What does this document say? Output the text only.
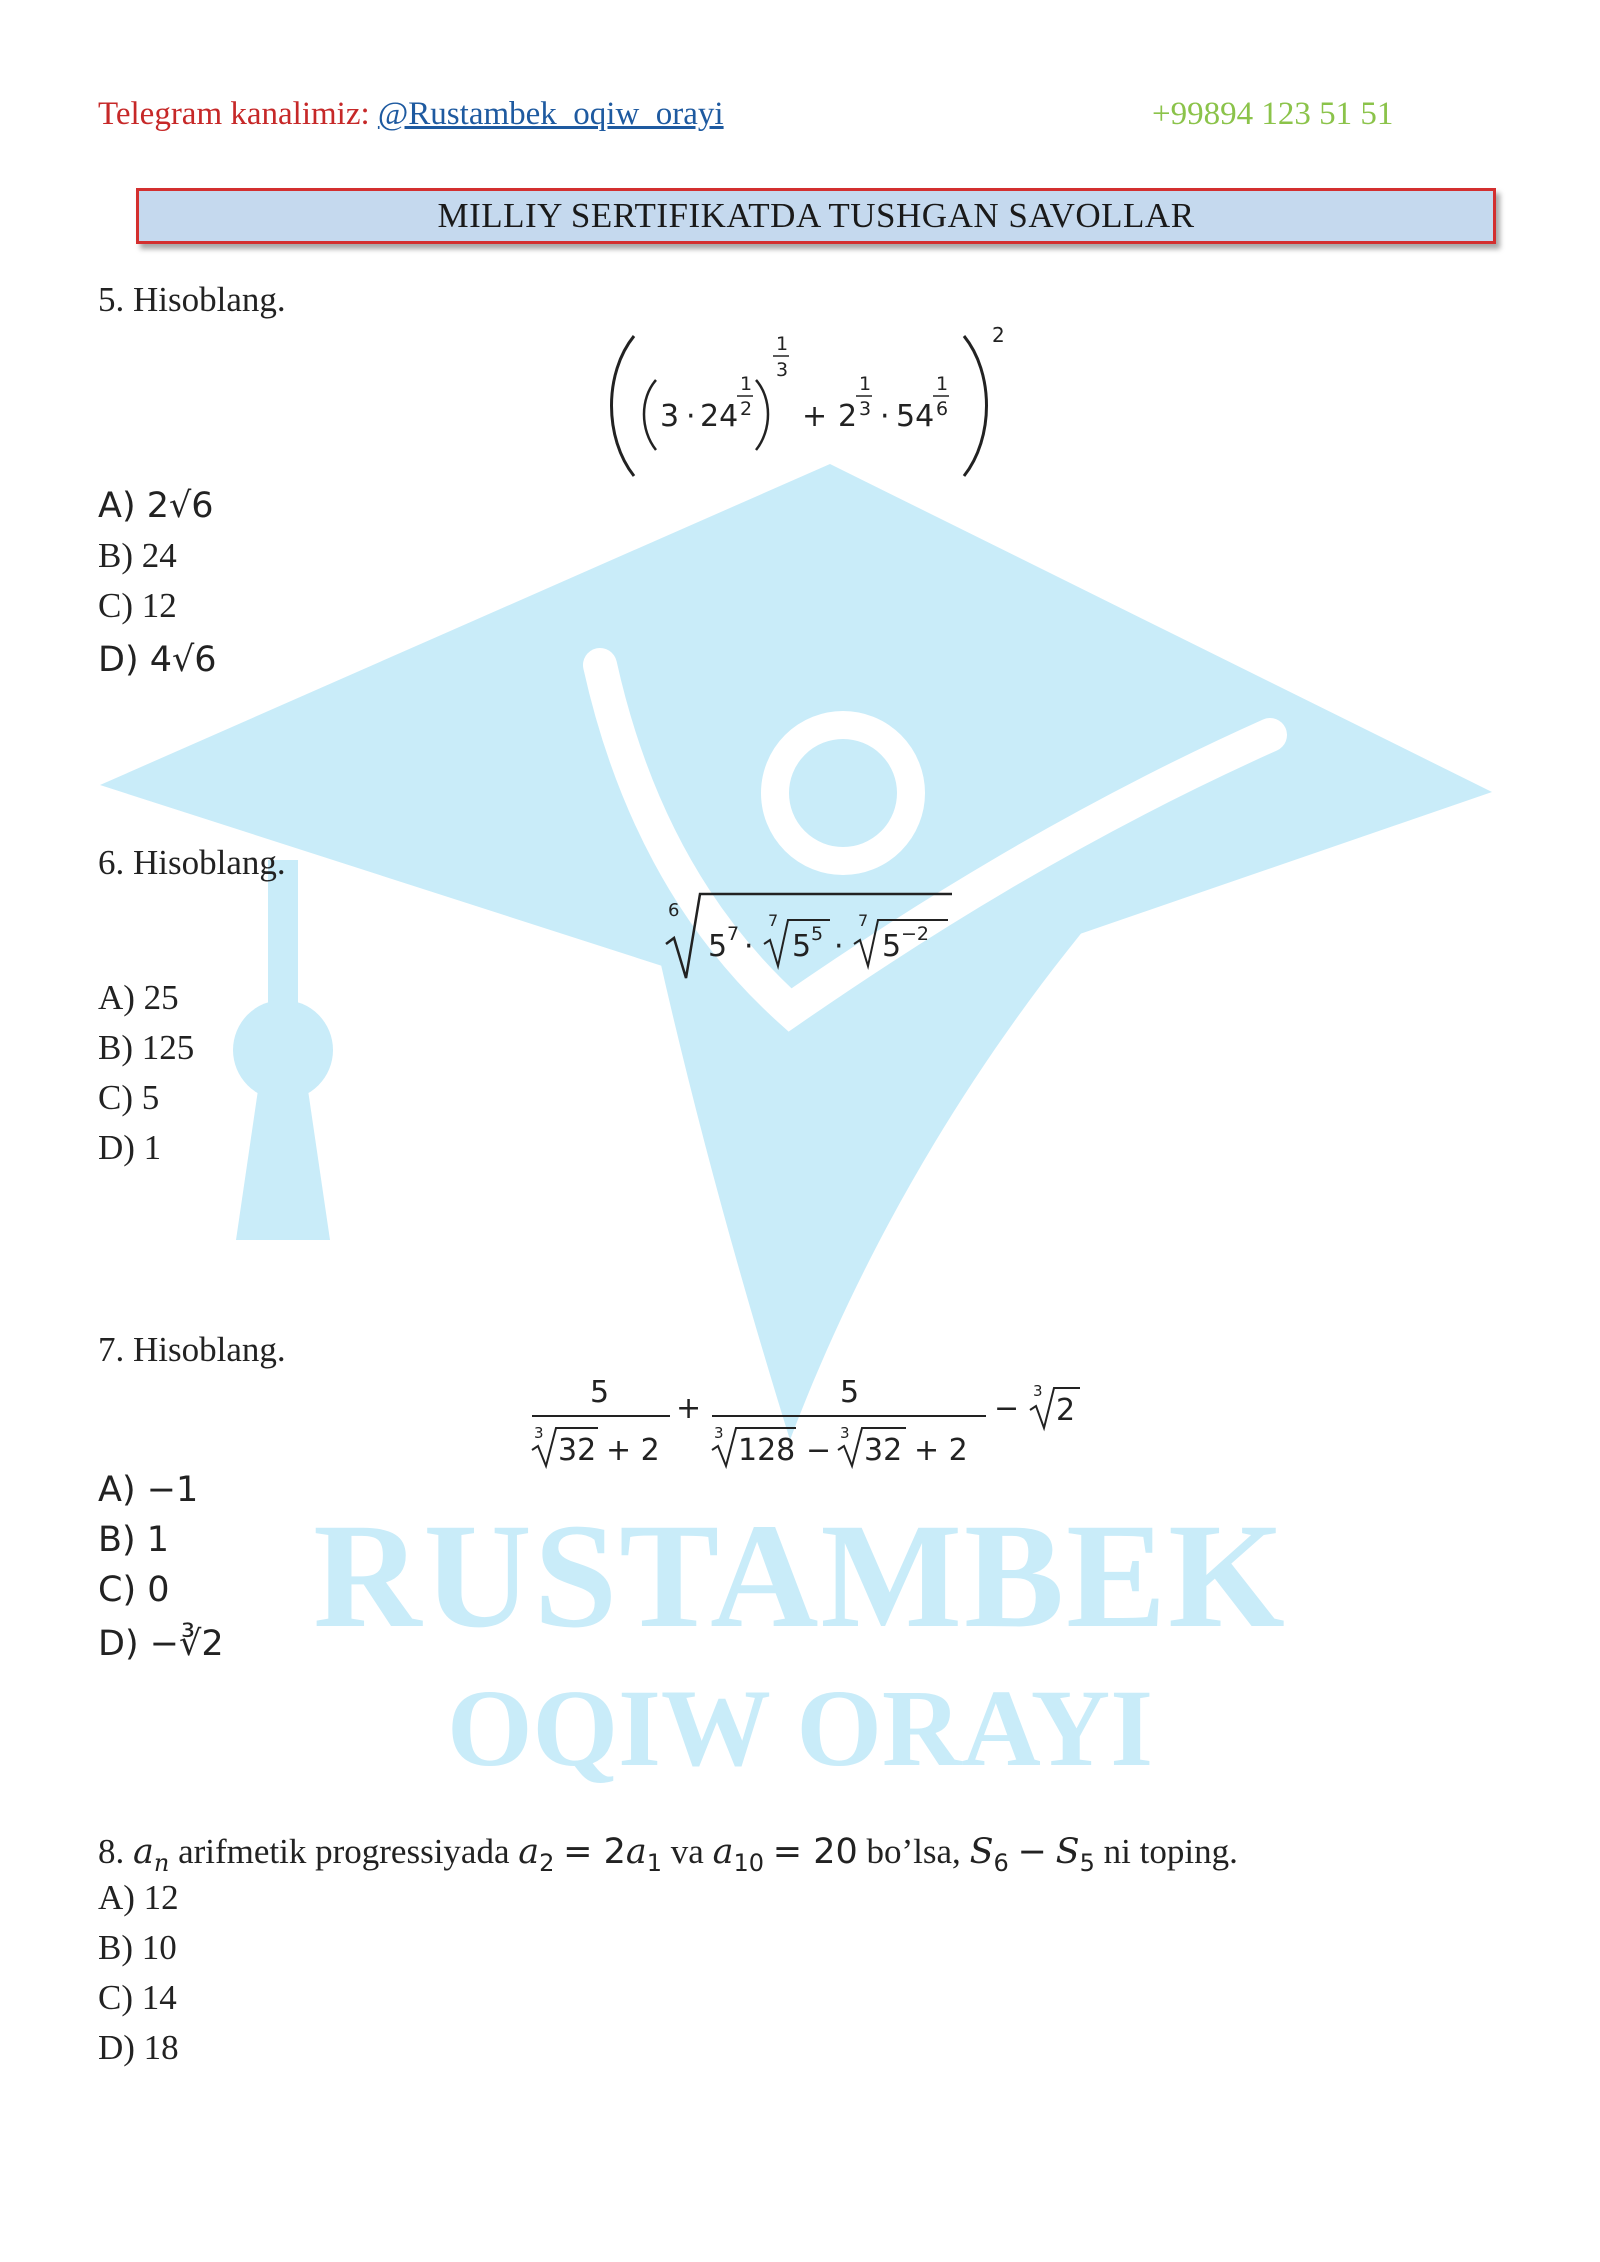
RUSTAMBEK
OQIW ORAYI
Telegram kanalimiz: @Rustambek_oqiw_orayi	+99894 123 51 51
MILLIY SERTIFIKATDA TUSHGAN SAVOLLAR
5. Hisoblang.
3 · 24
1
2
1
3
+ 2
1
3 · 54
1
6
2
A) 2√6
B) 24
C) 12
D) 4√6
6. Hisoblang.
6
5 7 ·
7
5 5 ·
7
5 −2
A) 25
B) 125
C) 5
D) 1
7. Hisoblang.
5
3 32 + 2
+	5
3 128 − 3 32 + 2
− 3
2
A) −1
B) 1
C) 0
D) −∛2
8. $a_n$ arifmetik progressiyada $a_2 = 2a_1$ va $a_{10} = 20$ bo’lsa, $S_6 - S_5$ ni toping.
A) 12
B) 10
C) 14
D) 18
